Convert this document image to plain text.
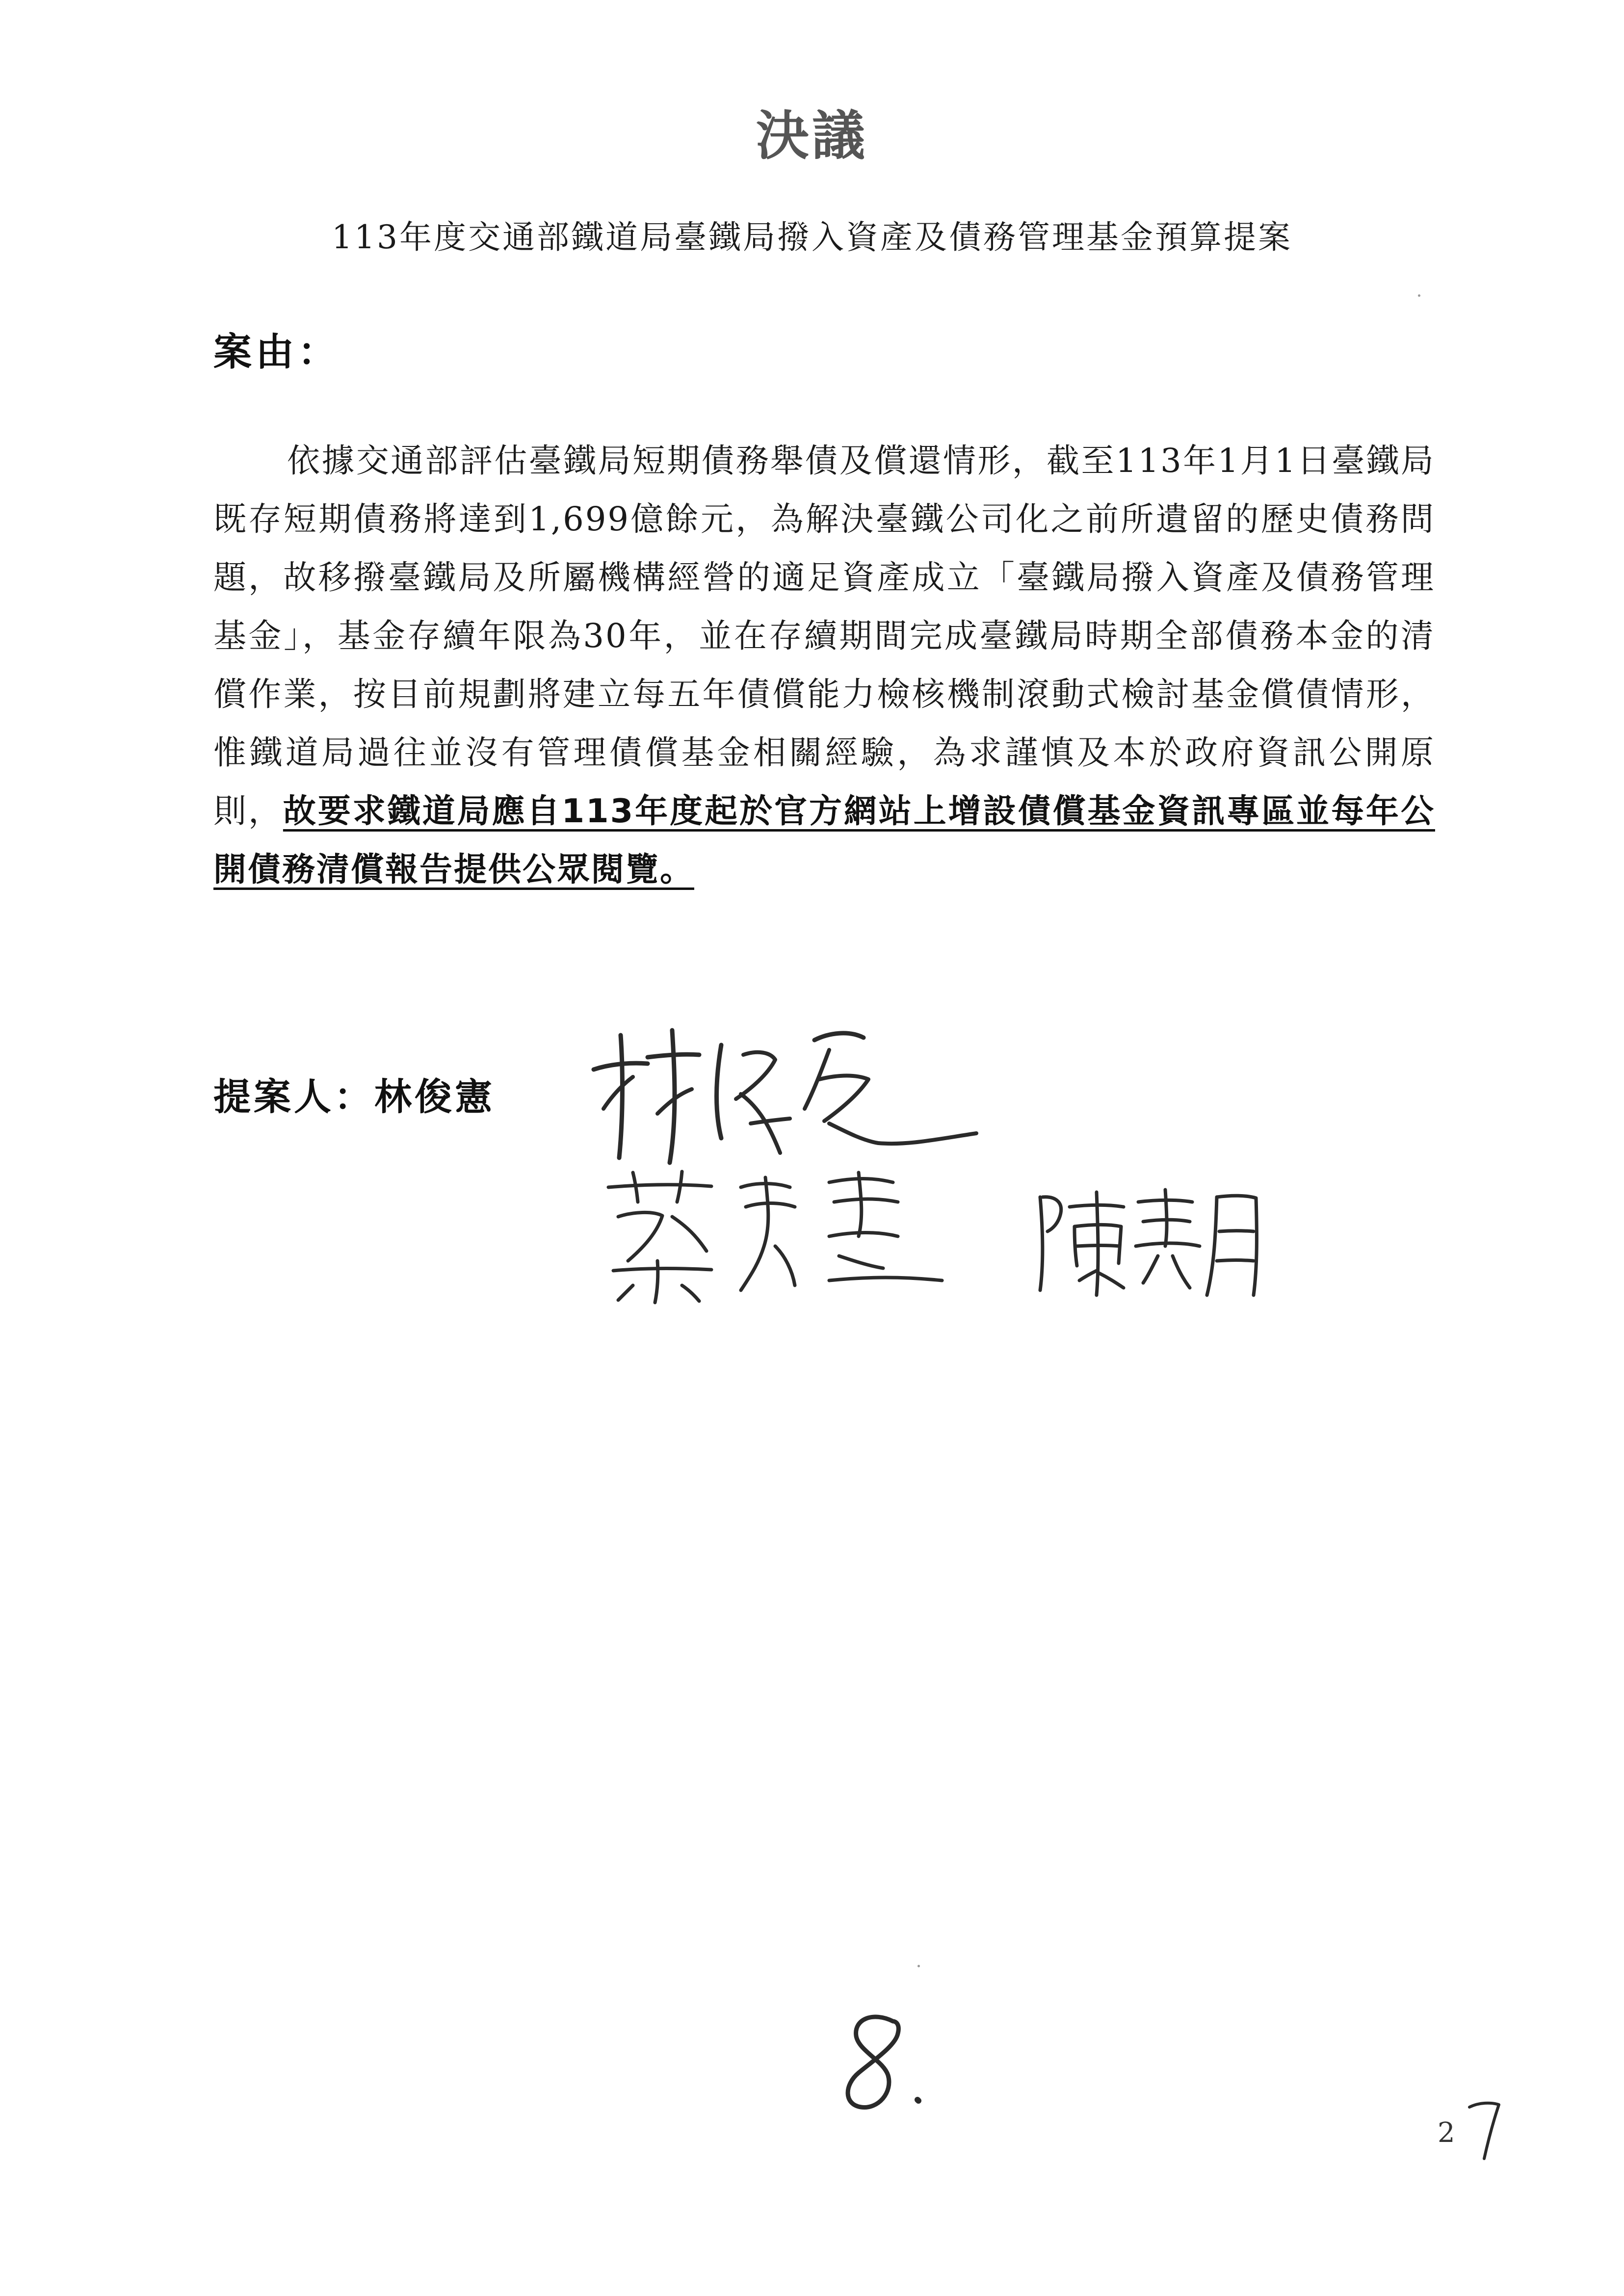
決議
113年度交通部鐵道局臺鐵局撥入資產及債務管理基金預算提案
案由：

依據交通部評估臺鐵局短期債務舉債及償還情形，截至113年1月1日臺鐵局既存短期債務將達到1,699億餘元，為解決臺鐵公司化之前所遺留的歷史債務問題，故移撥臺鐵局及所屬機構經營的適足資產成立「臺鐵局撥入資產及債務管理基金」，基金存續年限為30年，並在存續期間完成臺鐵局時期全部債務本金的清償作業，按目前規劃將建立每五年債償能力檢核機制滾動式檢討基金償債情形，惟鐵道局過往並沒有管理債償基金相關經驗，為求謹慎及本於政府資訊公開原則，故要求鐵道局應自113年度起於官方網站上增設債償基金資訊專區並每年公開債務清償報告提供公眾閱覽。

提案人：林俊憲
2
